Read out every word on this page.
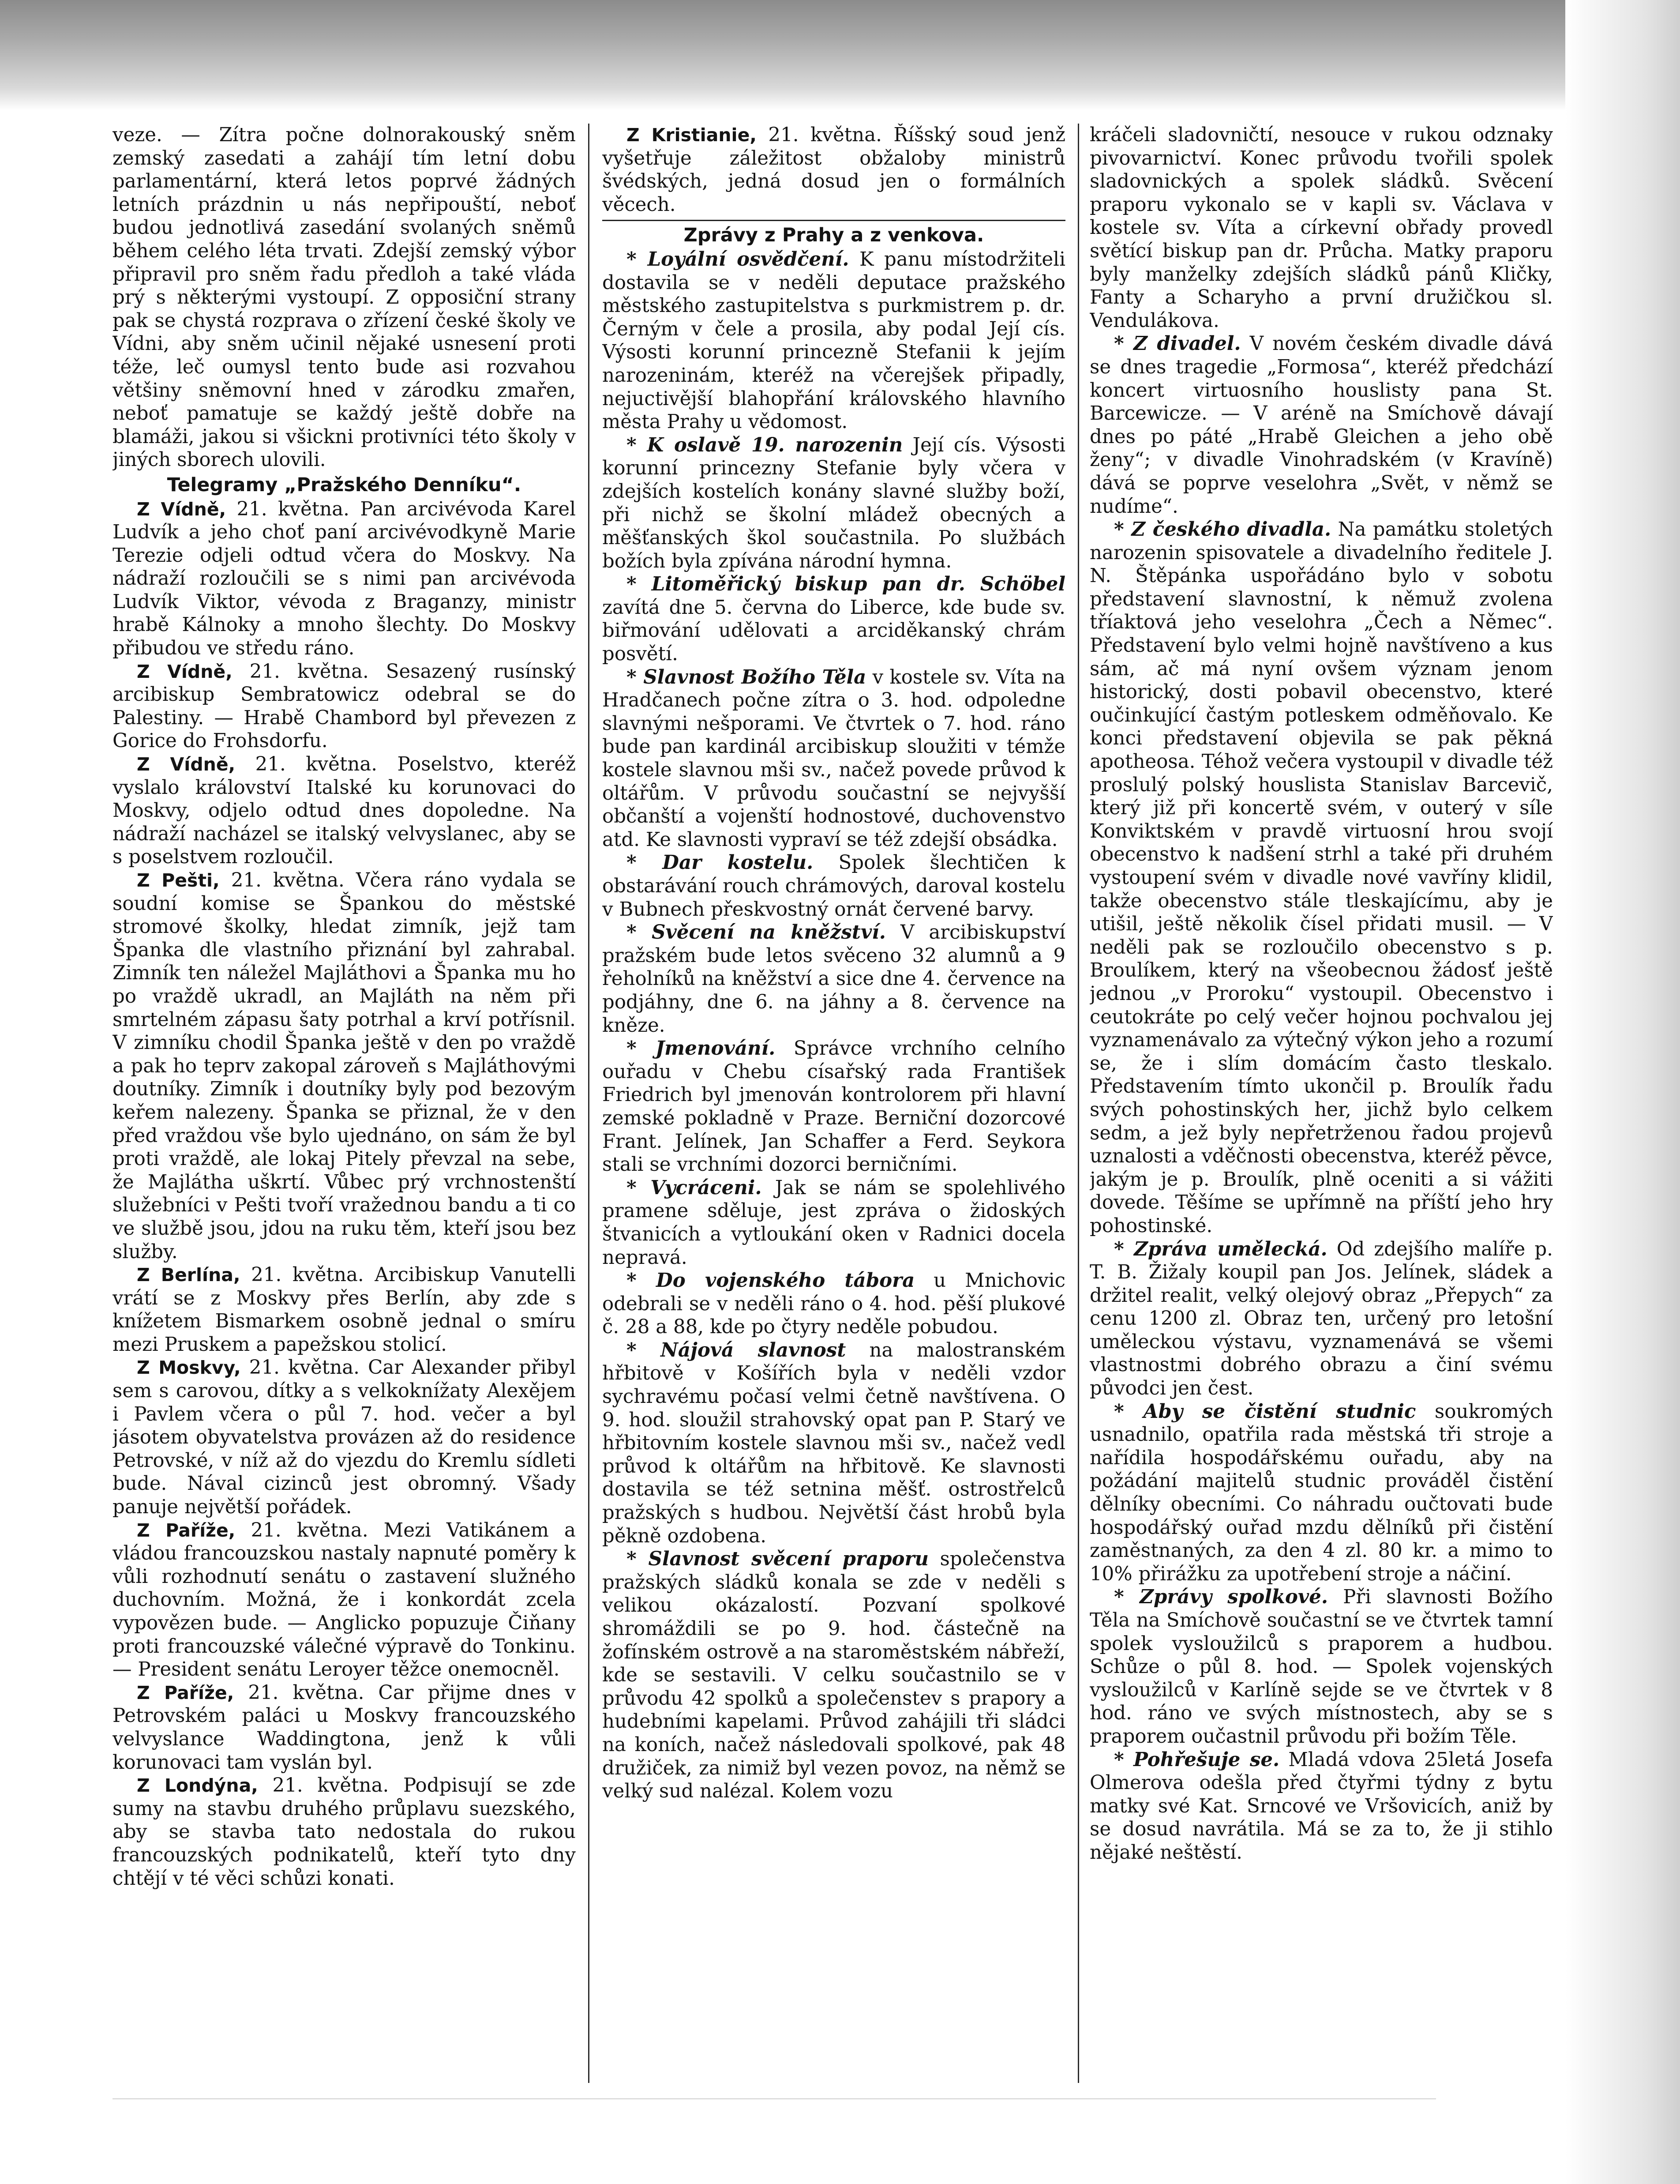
veze. — Zítra počne dolnorakouský sněm zemský zasedati a zahájí tím letní dobu parlamentární, která letos poprvé žádných letních prázdnin u nás nepřipouští, neboť budou jednotlivá zasedání svolaných sněmů během celého léta trvati. Zdejší zemský výbor připravil pro sněm řadu předloh a také vláda prý s některými vystoupí. Z opposiční strany pak se chystá rozprava o zřízení české školy ve Vídni, aby sněm učinil nějaké usnesení proti téže, leč oumysl tento bude asi rozvahou většiny sněmovní hned v zárodku zmařen, neboť pamatuje se každý ještě dobře na blamáži, jakou si všickni protivníci této školy v jiných sborech ulovili.

Telegramy „Pražského Denníku“.

Z Vídně, 21. května. Pan arcivévoda Karel Ludvík a jeho choť paní arcivévodkyně Marie Terezie odjeli odtud včera do Moskvy. Na nádraží rozloučili se s nimi pan arcivévoda Ludvík Viktor, vévoda z Braganzy, ministr hrabě Kálnoky a mnoho šlechty. Do Moskvy přibudou ve středu ráno.

Z Vídně, 21. května. Sesazený rusínský arcibiskup Sembratowicz odebral se do Palestiny. — Hrabě Chambord byl převezen z Gorice do Frohsdorfu.

Z Vídně, 21. května. Poselstvo, kteréž vyslalo království Italské ku korunovaci do Moskvy, odjelo odtud dnes dopoledne. Na nádraží nacházel se italský velvyslanec, aby se s poselstvem rozloučil.

Z Pešti, 21. května. Včera ráno vydala se soudní komise se Špankou do městské stromové školky, hledat zimník, jejž tam Španka dle vlastního přiznání byl zahrabal. Zimník ten náležel Majláthovi a Španka mu ho po vraždě ukradl, an Majláth na něm při smrtelném zápasu šaty potrhal a krví potřísnil. V zimníku chodil Španka ještě v den po vraždě a pak ho teprv zakopal zároveň s Majláthovými doutníky. Zimník i doutníky byly pod bezovým keřem nalezeny. Španka se přiznal, že v den před vraždou vše bylo ujednáno, on sám že byl proti vraždě, ale lokaj Pitely převzal na sebe, že Majlátha uškrtí. Vůbec prý vrchnostenští služebníci v Pešti tvoří vražednou bandu a ti co ve službě jsou, jdou na ruku těm, kteří jsou bez služby.

Z Berlína, 21. května. Arcibiskup Vanutelli vrátí se z Moskvy přes Berlín, aby zde s knížetem Bismarkem osobně jednal o smíru mezi Pruskem a papežskou stolicí.

Z Moskvy, 21. května. Car Alexander přibyl sem s carovou, dítky a s velkoknížaty Alexějem i Pavlem včera o půl 7. hod. večer a byl jásotem obyvatelstva provázen až do residence Petrovské, v níž až do vjezdu do Kremlu sídleti bude. Nával cizinců jest obromný. Všady panuje největší pořádek.

Z Paříže, 21. května. Mezi Vatikánem a vládou francouzskou nastaly napnuté poměry k vůli rozhodnutí senátu o zastavení služného duchovním. Možná, že i konkordát zcela vypovězen bude. — Anglicko popuzuje Čiňany proti francouzské válečné výpravě do Tonkinu. — President senátu Leroyer těžce onemocněl.

Z Paříže, 21. května. Car přijme dnes v Petrovském paláci u Moskvy francouzského velvyslance Waddingtona, jenž k vůli korunovaci tam vyslán byl.

Z Londýna, 21. května. Podpisují se zde sumy na stavbu druhého průplavu suezského, aby se stavba tato nedostala do rukou francouzských podnikatelů, kteří tyto dny chtějí v té věci schůzi konati.

Z Kristianie, 21. května. Říšský soud jenž vyšetřuje záležitost obžaloby ministrů švédských, jedná dosud jen o formálních věcech.

Zprávy z Prahy a z venkova.

* Loyální osvědčení. K panu místodržiteli dostavila se v neděli deputace pražského městského zastupitelstva s purkmistrem p. dr. Černým v čele a prosila, aby podal Její cís. Výsosti korunní princezně Stefanii k jejím narozeninám, kteréž na včerejšek připadly, nejuctivější blahopřání královského hlavního města Prahy u vědomost.

* K oslavě 19. narozenin Její cís. Výsosti korunní princezny Stefanie byly včera v zdejších kostelích konány slavné služby boží, při nichž se školní mládež obecných a měšťanských škol součastnila. Po službách božích byla zpívána národní hymna.

* Litoměřický biskup pan dr. Schöbel zavítá dne 5. června do Liberce, kde bude sv. biřmování udělovati a arciděkanský chrám posvětí.

* Slavnost Božího Těla v kostele sv. Víta na Hradčanech počne zítra o 3. hod. odpoledne slavnými nešporami. Ve čtvrtek o 7. hod. ráno bude pan kardinál arcibiskup sloužiti v témže kostele slavnou mši sv., načež povede průvod k oltářům. V průvodu součastní se nejvyšší občanští a vojenští hodnostové, duchovenstvo atd. Ke slavnosti vypraví se též zdejší obsádka.

* Dar kostelu. Spolek šlechtičen k obstarávání rouch chrámových, daroval kostelu v Bubnech přeskvostný ornát červené barvy.

* Svěcení na kněžství. V arcibiskupství pražském bude letos svěceno 32 alumnů a 9 řeholníků na kněžství a sice dne 4. července na podjáhny, dne 6. na jáhny a 8. července na kněze.

* Jmenování. Správce vrchního celního ouřadu v Chebu císařský rada František Friedrich byl jmenován kontrolorem při hlavní zemské pokladně v Praze. Berniční dozorcové Frant. Jelínek, Jan Schaffer a Ferd. Seykora stali se vrchními dozorci berničními.

* Vycráceni. Jak se nám se spolehlivého pramene sděluje, jest zpráva o židoských štvanicích a vytloukání oken v Radnici docela nepravá.

* Do vojenského tábora u Mnichovic odebrali se v neděli ráno o 4. hod. pěší plukové č. 28 a 88, kde po čtyry neděle pobudou.

* Nájová slavnost na malostranském hřbitově v Košířích byla v neděli vzdor sychravému počasí velmi četně navštívena. O 9. hod. sloužil strahovský opat pan P. Starý ve hřbitovním kostele slavnou mši sv., načež vedl průvod k oltářům na hřbitově. Ke slavnosti dostavila se též setnina měšť. ostrostřelců pražských s hudbou. Největší část hrobů byla pěkně ozdobena.

* Slavnost svěcení praporu společenstva pražských sládků konala se zde v neděli s velikou okázalostí. Pozvaní spolkové shromáždili se po 9. hod. částečně na žofínském ostrově a na staroměstském nábřeží, kde se sestavili. V celku součastnilo se v průvodu 42 spolků a společenstev s prapory a hudebními kapelami. Průvod zahájili tři sládci na koních, načež následovali spolkové, pak 48 družiček, za nimiž byl vezen povoz, na němž se velký sud nalézal. Kolem vozu

kráčeli sladovničtí, nesouce v rukou odznaky pivovarnictví. Konec průvodu tvořili spolek sladovnických a spolek sládků. Svěcení praporu vykonalo se v kapli sv. Václava v kostele sv. Víta a církevní obřady provedl světící biskup pan dr. Průcha. Matky praporu byly manželky zdejších sládků pánů Kličky, Fanty a Scharyho a první družičkou sl. Vendulákova.

* Z divadel. V novém českém divadle dává se dnes tragedie „Formosa“, kteréž předchází koncert virtuosního houslisty pana St. Barcewicze. — V aréně na Smíchově dávají dnes po páté „Hrabě Gleichen a jeho obě ženy“; v divadle Vinohradském (v Kravíně) dává se poprve veselohra „Svět, v němž se nudíme“.

* Z českého divadla. Na památku stoletých narozenin spisovatele a divadelního ředitele J. N. Štěpánka uspořádáno bylo v sobotu představení slavnostní, k němuž zvolena tříaktová jeho veselohra „Čech a Němec“. Představení bylo velmi hojně navštíveno a kus sám, ač má nyní ovšem význam jenom historický, dosti pobavil obecenstvo, které oučinkující častým potleskem odměňovalo. Ke konci představení objevila se pak pěkná apotheosa. Téhož večera vystoupil v divadle též proslulý polský houslista Stanislav Barcevič, který již při koncertě svém, v outerý v síle Konviktském v pravdě virtuosní hrou svojí obecenstvo k nadšení strhl a také při druhém vystoupení svém v divadle nové vavříny klidil, takže obecenstvo stále tleskajícímu, aby je utišil, ještě několik čísel přidati musil. — V neděli pak se rozloučilo obecenstvo s p. Broulíkem, který na všeobecnou žádosť ještě jednou „v Proroku“ vystoupil. Obecenstvo i ceutokráte po celý večer hojnou pochvalou jej vyznamenávalo za výtečný výkon jeho a rozumí se, že i slím domácím často tleskalo. Představením tímto ukončil p. Broulík řadu svých pohostinských her, jichž bylo celkem sedm, a jež byly nepřetrženou řadou projevů uznalosti a vděčnosti obecenstva, kteréž pěvce, jakým je p. Broulík, plně oceniti a si vážiti dovede. Těšíme se upřímně na příští jeho hry pohostinské.

* Zpráva umělecká. Od zdejšího malíře p. T. B. Žižaly koupil pan Jos. Jelínek, sládek a držitel realit, velký olejový obraz „Přepych“ za cenu 1200 zl. Obraz ten, určený pro letošní uměleckou výstavu, vyznamenává se všemi vlastnostmi dobrého obrazu a činí svému původci jen čest.

* Aby se čistění studnic soukromých usnadnilo, opatřila rada městská tři stroje a nařídila hospodářskému ouřadu, aby na požádání majitelů studnic prováděl čistění dělníky obecními. Co náhradu oučtovati bude hospodářský ouřad mzdu dělníků při čistění zaměstnaných, za den 4 zl. 80 kr. a mimo to 10% přirážku za upotřebení stroje a náčiní.

* Zprávy spolkové. Při slavnosti Božího Těla na Smíchově součastní se ve čtvrtek tamní spolek vysloužilců s praporem a hudbou. Schůze o půl 8. hod. — Spolek vojenských vysloužilců v Karlíně sejde se ve čtvrtek v 8 hod. ráno ve svých místnostech, aby se s praporem oučastnil průvodu při božím Těle.

* Pohřešuje se. Mladá vdova 25letá Josefa Olmerova odešla před čtyřmi týdny z bytu matky své Kat. Srncové ve Vršovicích, aniž by se dosud navrátila. Má se za to, že ji stihlo nějaké neštěstí.
